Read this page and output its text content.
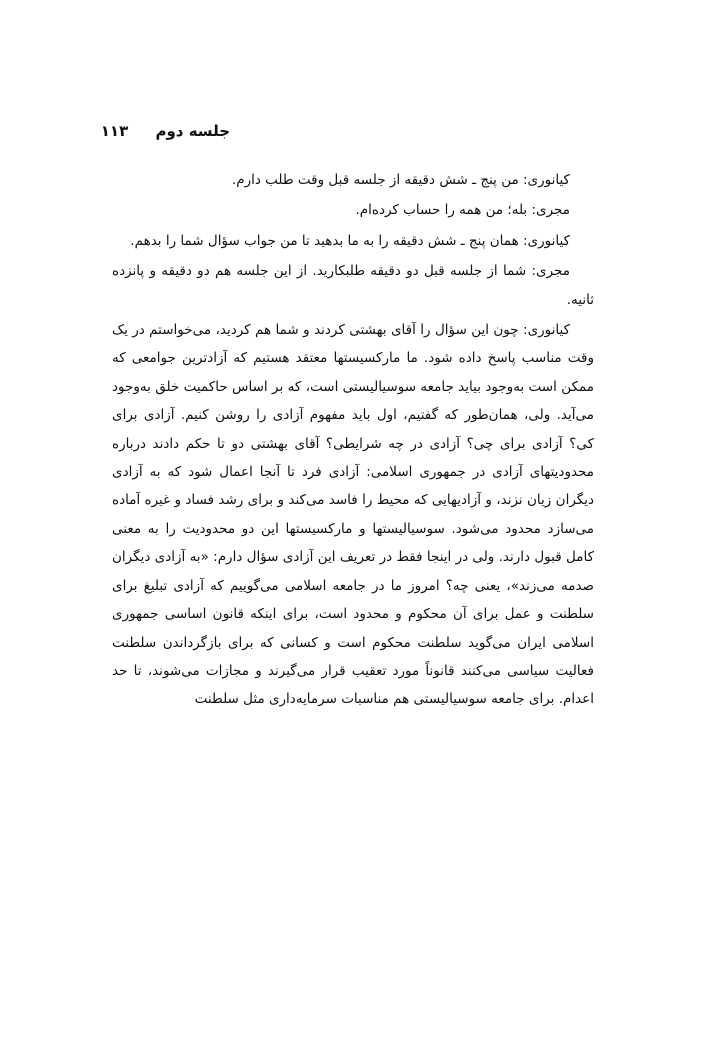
جلسه دوم ۱۱۳

کیانوری: من پنج ـ شش دقیقه از جلسه قبل وقت طلب دارم.

مجری: بله؛ من همه را حساب کرده‌ام.

کیانوری: همان پنج ـ شش دقیقه را به ما بدهید تا من جواب سؤال شما را بدهم.

مجری: شما از جلسه قبل دو دقیقه طلبکارید. از این جلسه هم دو دقیقه و پانزده ثانیه.

کیانوری: چون این سؤال را آقای بهشتی کردند و شما هم کردید، می‌خواستم در یک وقت مناسب پاسخ داده شود. ما مارکسیستها معتقد هستیم که آزادترین جوامعی که ممکن است به‌وجود بیاید جامعه سوسیالیستی است، که بر اساس حاکمیت خلق به‌وجود می‌آید. ولی، همان‌طور که گفتیم، اول باید مفهوم آزادی را روشن کنیم. آزادی برای کی؟ آزادی برای چی؟ آزادی در چه شرایطی؟ آقای بهشتی دو تا حکم دادند درباره محدودیتهای آزادی در جمهوری اسلامی: آزادی فرد تا آنجا اعمال شود که به آزادی دیگران زیان نزند، و آزادیهایی که محیط را فاسد می‌کند و برای رشد فساد و غیره آماده می‌سازد محدود می‌شود. سوسیالیستها و مارکسیستها این دو محدودیت را به معنی کامل قبول دارند. ولی در اینجا فقط در تعریف این آزادی سؤال دارم: «به آزادی دیگران صدمه می‌زند»، یعنی چه؟ امروز ما در جامعه اسلامی می‌گوییم که آزادی تبلیغ برای سلطنت و عمل برای آن محکوم و محدود است، برای اینکه قانون اساسی جمهوری اسلامی ایران می‌گوید سلطنت محکوم است و کسانی که برای بازگرداندن سلطنت فعالیت سیاسی می‌کنند قانوناً مورد تعقیب قرار می‌گیرند و مجازات می‌شوند، تا حد اعدام. برای جامعه سوسیالیستی هم مناسبات سرمایه‌داری مثل سلطنت
